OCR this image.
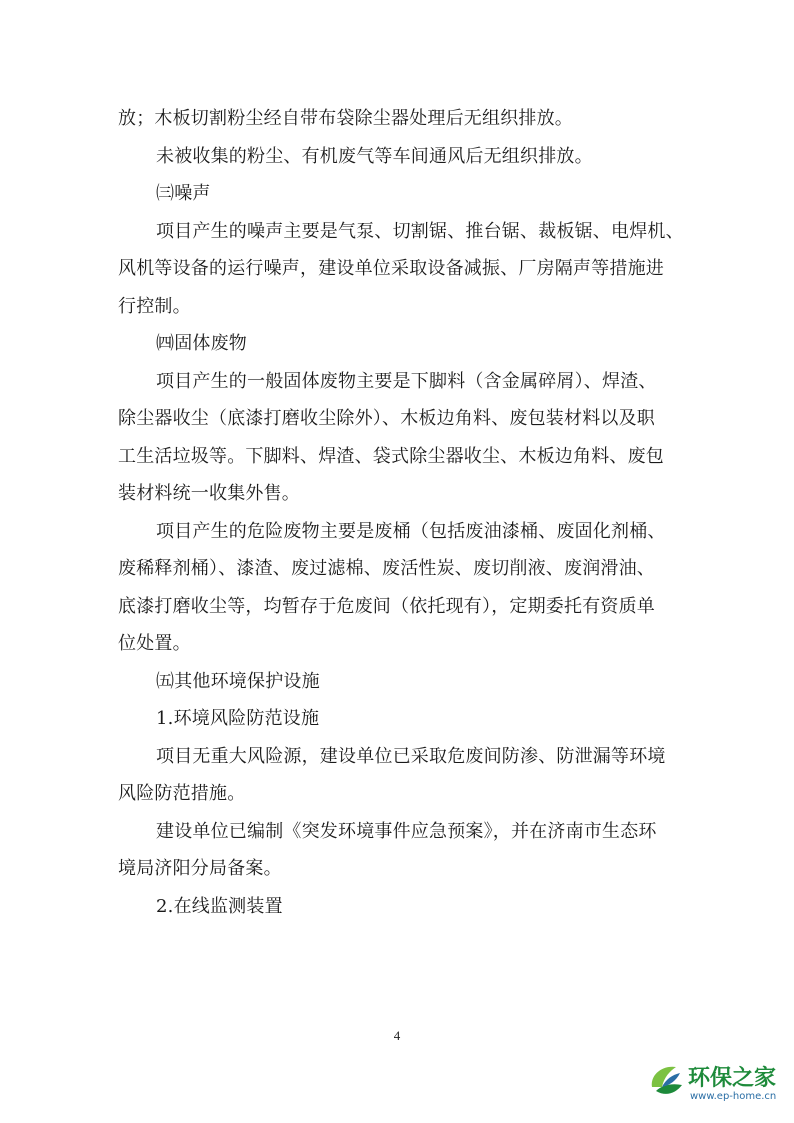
放；木板切割粉尘经自带布袋除尘器处理后无组织排放。
未被收集的粉尘、有机废气等车间通风后无组织排放。
㈢噪声
项目产生的噪声主要是气泵、切割锯、推台锯、裁板锯、电焊机、
风机等设备的运行噪声，建设单位采取设备减振、厂房隔声等措施进
行控制。
㈣固体废物
项目产生的一般固体废物主要是下脚料（含金属碎屑）、焊渣、
除尘器收尘（底漆打磨收尘除外）、木板边角料、废包装材料以及职
工生活垃圾等。下脚料、焊渣、袋式除尘器收尘、木板边角料、废包
装材料统一收集外售。
项目产生的危险废物主要是废桶（包括废油漆桶、废固化剂桶、
废稀释剂桶）、漆渣、废过滤棉、废活性炭、废切削液、废润滑油、
底漆打磨收尘等，均暂存于危废间（依托现有），定期委托有资质单
位处置。
㈤其他环境保护设施
1.环境风险防范设施
项目无重大风险源，建设单位已采取危废间防渗、防泄漏等环境
风险防范措施。
建设单位已编制《突发环境事件应急预案》，并在济南市生态环
境局济阳分局备案。
2.在线监测装置
4
环保之家
www.ep-home.cn
